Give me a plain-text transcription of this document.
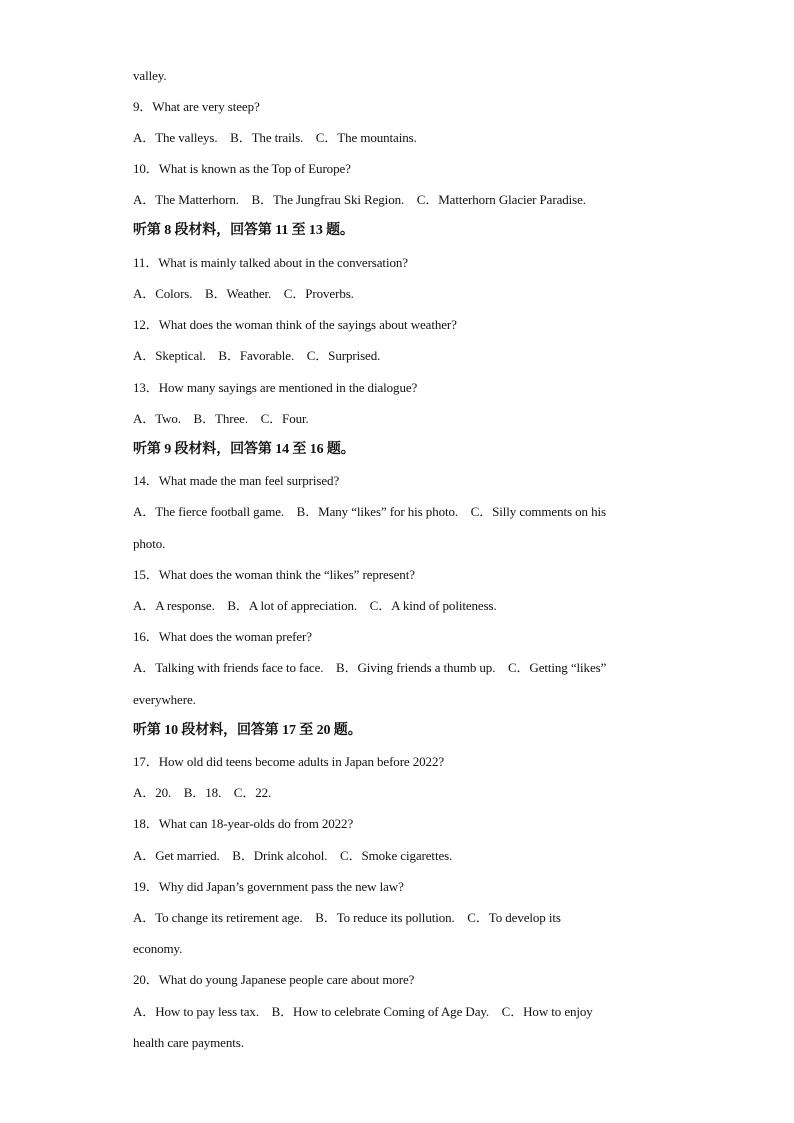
valley.
9．What are very steep?
A．The valleys.    B．The trails.    C．The mountains.
10．What is known as the Top of Europe?
A．The Matterhorn.    B．The Jungfrau Ski Region.    C．Matterhorn Glacier Paradise.
听第 8 段材料，回答第 11 至 13 题。
11．What is mainly talked about in the conversation?
A．Colors.    B．Weather.    C．Proverbs.
12．What does the woman think of the sayings about weather?
A．Skeptical.    B．Favorable.    C．Surprised.
13．How many sayings are mentioned in the dialogue?
A．Two.    B．Three.    C．Four.
听第 9 段材料，回答第 14 至 16 题。
14．What made the man feel surprised?
A．The fierce football game.    B．Many “likes” for his photo.    C．Silly comments on his
photo.
15．What does the woman think the “likes” represent?
A．A response.    B．A lot of appreciation.    C．A kind of politeness.
16．What does the woman prefer?
A．Talking with friends face to face.    B．Giving friends a thumb up.    C．Getting “likes”
everywhere.
听第 10 段材料，回答第 17 至 20 题。
17．How old did teens become adults in Japan before 2022?
A．20.    B．18.    C．22.
18．What can 18-year-olds do from 2022?
A．Get married.    B．Drink alcohol.    C．Smoke cigarettes.
19．Why did Japan’s government pass the new law?
A．To change its retirement age.    B．To reduce its pollution.    C．To develop its
economy.
20．What do young Japanese people care about more?
A．How to pay less tax.    B．How to celebrate Coming of Age Day.    C．How to enjoy
health care payments.
